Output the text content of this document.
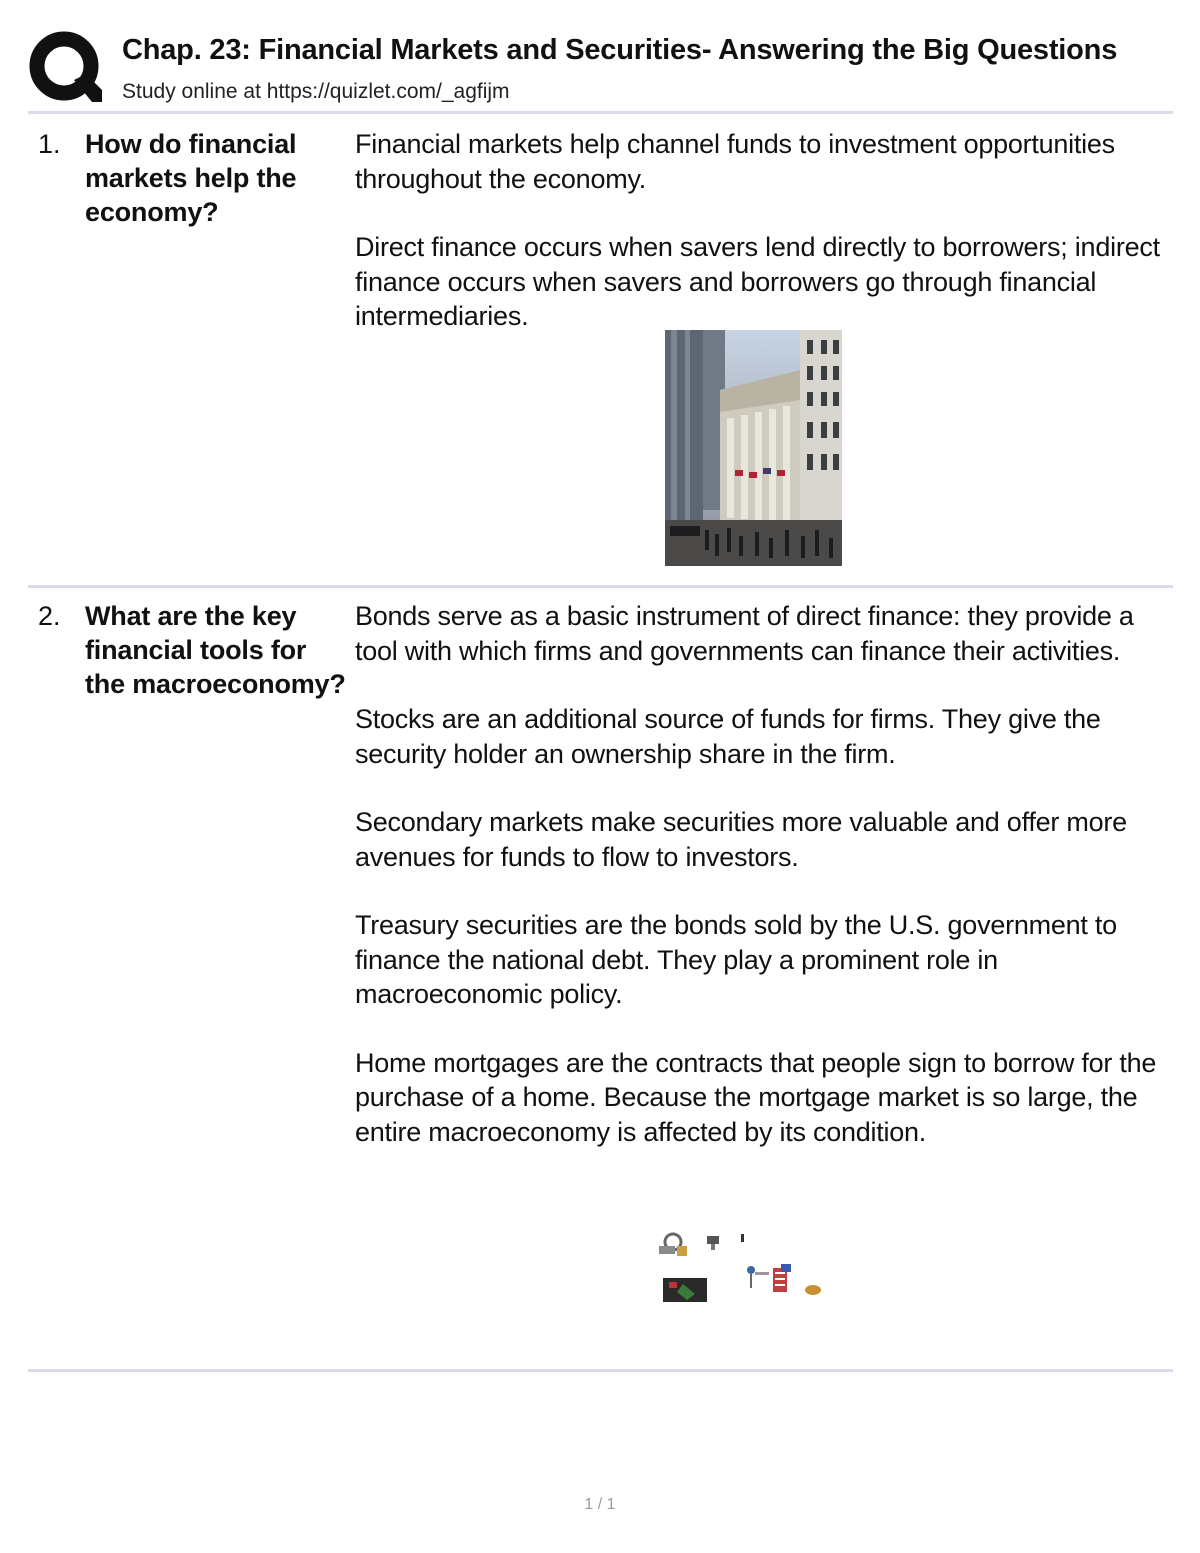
Chap. 23: Financial Markets and Securities- Answering the Big Questions
Study online at https://quizlet.com/_agfijm
1. How do financial markets help the economy?

Financial markets help channel funds to investment opportunities throughout the economy.

Direct finance occurs when savers lend directly to borrowers; indirect finance occurs when savers and borrowers go through financial intermediaries.

2. What are the key financial tools for the macroeconomy?

Bonds serve as a basic instrument of direct finance: they provide a tool with which firms and governments can finance their activities.

Stocks are an additional source of funds for firms. They give the security holder an ownership share in the firm.

Secondary markets make securities more valuable and offer more avenues for funds to flow to investors.

Treasury securities are the bonds sold by the U.S. government to finance the national debt. They play a prominent role in macroeconomic policy.

Home mortgages are the contracts that people sign to borrow for the purchase of a home. Because the mortgage market is so large, the entire macroeconomy is affected by its condition.

1 / 1
